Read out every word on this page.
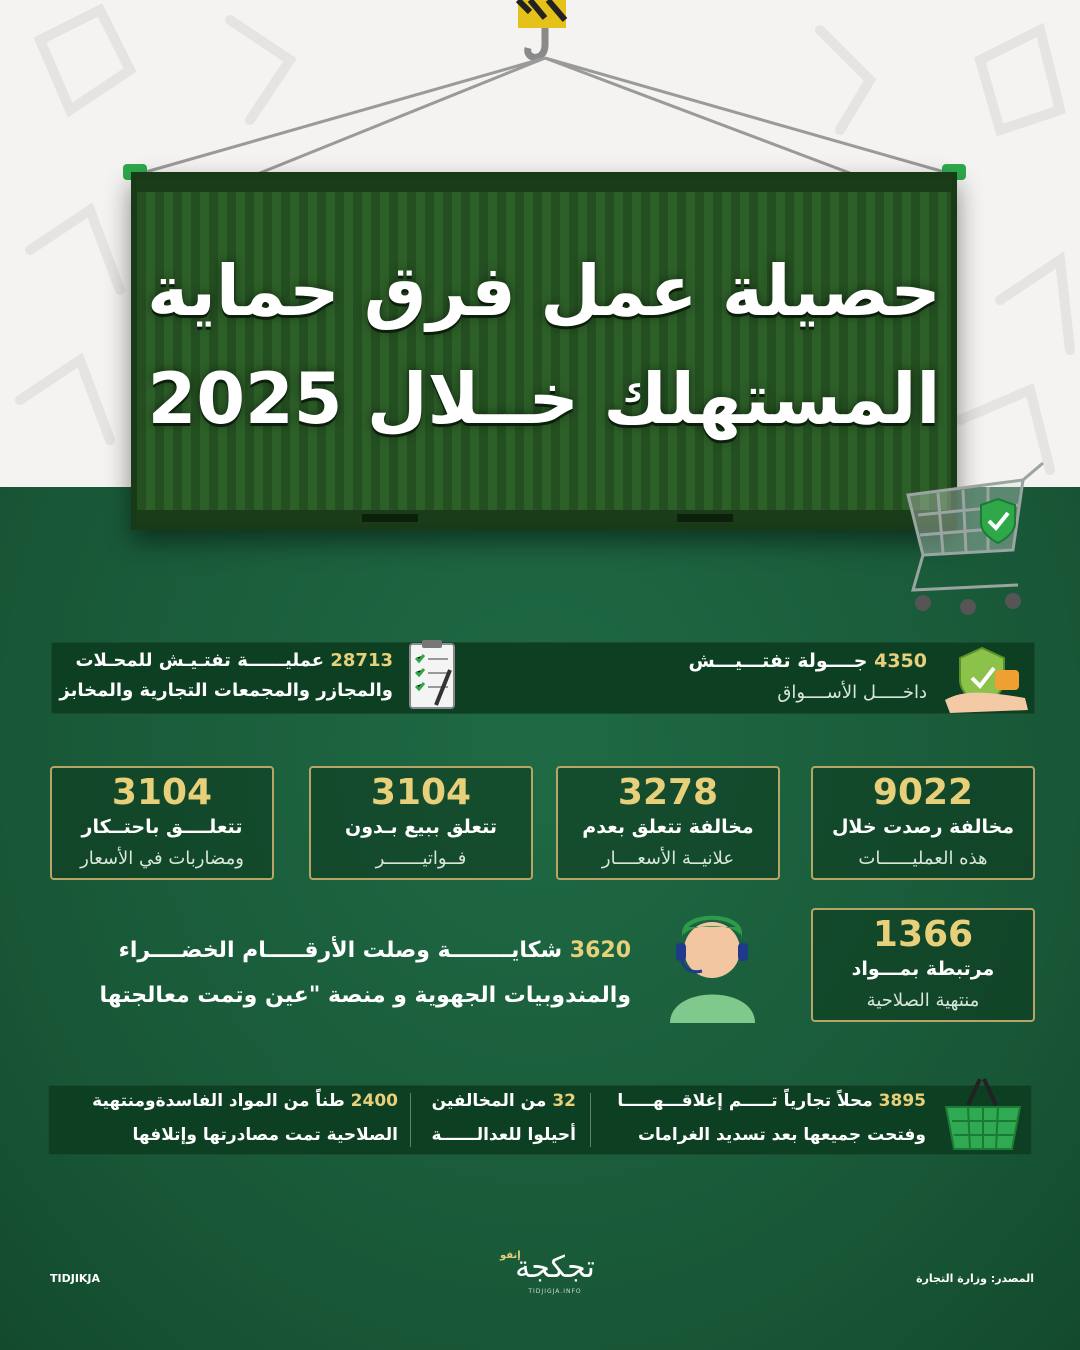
حصيلة عمل فرق حماية
المستهلك خــلال 2025
4350 جــــولة تفتـــيـــش
داخـــــل الأســــواق
28713 عمليــــــة تفتـيـش للمحـلات
والمجازر والمجمعات التجارية والمخابز
9022
مخالفة رصدت خلال
هذه العمليــــــات
3278
مخالفة تتعلق بعدم
علانيــة الأسعــــار
3104
تتعلق ببيع بـدون
فــواتيـــــــر
3104
تتعلــــق باحتــكار
ومضاربات في الأسعار
1366
مرتبطة بمـــواد
منتهية الصلاحية
3620 شكايــــــــة وصلت الأرقـــــام الخضــــراء
والمندوبيات الجهوية و منصة "عين وتمت معالجتها
3895 محلاً تجارياً تـــــم إغلاقـــهـــــا
وفتحت جميعها بعد تسديد الغرامات
32 من المخالفين
أحيلوا للعدالــــــة
2400 طناً من المواد الفاسدةومنتهية
الصلاحية تمت مصادرتها وإتلافها
المصدر: وزارة التجارة
إنفو
تجكجة
TIDJIGJA.INFO
TIDJIKJA
